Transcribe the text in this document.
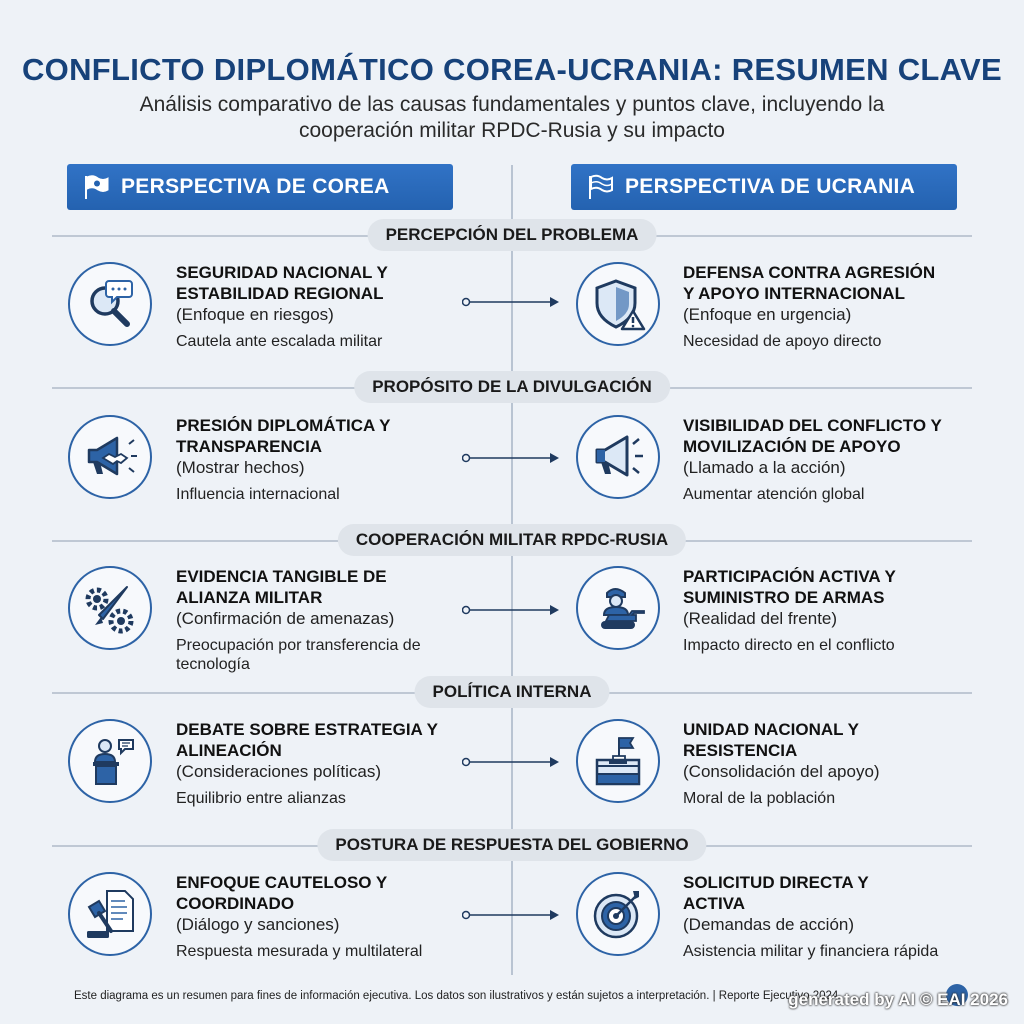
CONFLICTO DIPLOMÁTICO COREA-UCRANIA: RESUMEN CLAVE
Análisis comparativo de las causas fundamentales y puntos clave, incluyendo la
cooperación militar RPDC-Rusia y su impacto
PERSPECTIVA DE COREA	PERSPECTIVA DE UCRANIA
PERCEPCIÓN DEL PROBLEMA
SEGURIDAD NACIONAL Y
ESTABILIDAD REGIONAL
(Enfoque en riesgos)
Cautela ante escalada militar
DEFENSA CONTRA AGRESIÓN
Y APOYO INTERNACIONAL
(Enfoque en urgencia)
Necesidad de apoyo directo
PROPÓSITO DE LA DIVULGACIÓN
PRESIÓN DIPLOMÁTICA Y
TRANSPARENCIA
(Mostrar hechos)
Influencia internacional
VISIBILIDAD DEL CONFLICTO Y
MOVILIZACIÓN DE APOYO
(Llamado a la acción)
Aumentar atención global
COOPERACIÓN MILITAR RPDC-RUSIA
EVIDENCIA TANGIBLE DE
ALIANZA MILITAR
(Confirmación de amenazas)
Preocupación por transferencia de tecnología
PARTICIPACIÓN ACTIVA Y
SUMINISTRO DE ARMAS
(Realidad del frente)
Impacto directo en el conflicto
POLÍTICA INTERNA
DEBATE SOBRE ESTRATEGIA Y
ALINEACIÓN
(Consideraciones políticas)
Equilibrio entre alianzas
UNIDAD NACIONAL Y
RESISTENCIA
(Consolidación del apoyo)
Moral de la población
POSTURA DE RESPUESTA DEL GOBIERNO
ENFOQUE CAUTELOSO Y
COORDINADO
(Diálogo y sanciones)
Respuesta mesurada y multilateral
SOLICITUD DIRECTA Y
ACTIVA
(Demandas de acción)
Asistencia militar y financiera rápida
Este diagrama es un resumen para fines de información ejecutiva. Los datos son ilustrativos y están sujetos a interpretación. | Reporte Ejecutivo 2024
generated by AI © EAI 2026
